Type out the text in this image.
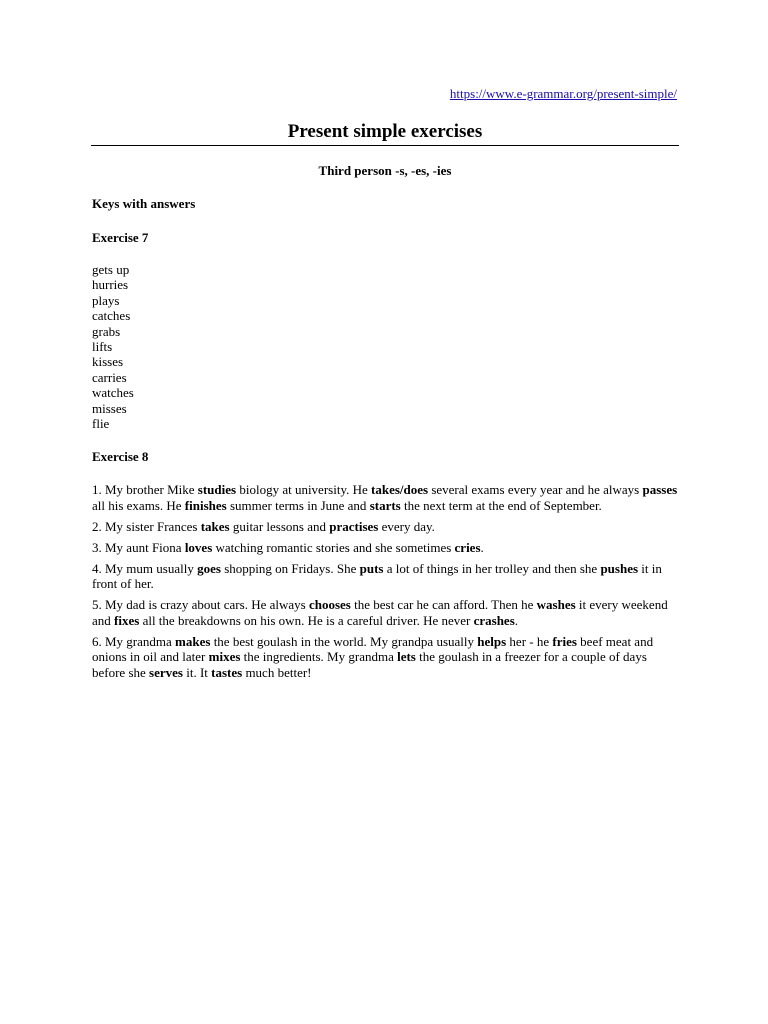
https://www.e-grammar.org/present-simple/
Present simple exercises
Third person -s, -es, -ies
Keys with answers
Exercise 7
gets up
hurries
plays
catches
grabs
lifts
kisses
carries
watches
misses
flie
Exercise 8

1. My brother Mike studies biology at university. He takes/does several exams every year and he always passes all his exams. He finishes summer terms in June and starts the next term at the end of September.

2. My sister Frances takes guitar lessons and practises every day.

3. My aunt Fiona loves watching romantic stories and she sometimes cries.

4. My mum usually goes shopping on Fridays. She puts a lot of things in her trolley and then she pushes it in front of her.

5. My dad is crazy about cars. He always chooses the best car he can afford. Then he washes it every weekend and fixes all the breakdowns on his own. He is a careful driver. He never crashes.

6. My grandma makes the best goulash in the world. My grandpa usually helps her - he fries beef meat and onions in oil and later mixes the ingredients. My grandma lets the goulash in a freezer for a couple of days before she serves it. It tastes much better!
